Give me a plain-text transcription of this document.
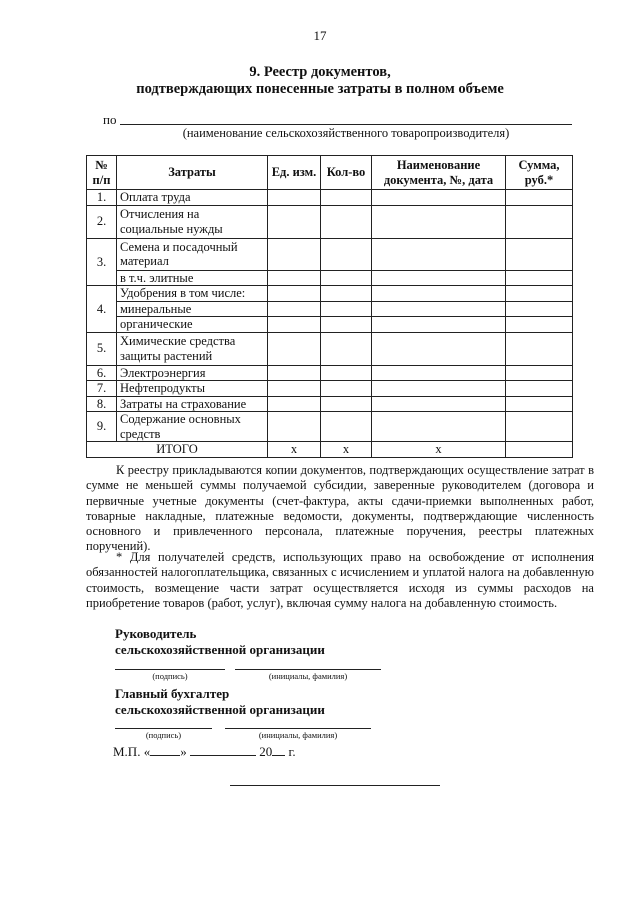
17
9. Реестр документов,
подтверждающих понесенные затраты в полном объеме
по
(наименование сельскохозяйственного товаропроизводителя)
№ п/п	Затраты	Ед. изм.	Кол-во	Наименование документа, №, дата	Сумма, руб.*
1.	Оплата труда				
2.	Отчисления на социальные нужды				
3.	Семена и посадочный материал				
	в т.ч. элитные				
4.	Удобрения в том числе:				
	минеральные				
	органические				
5.	Химические средства защиты растений				
6.	Электроэнергия				
7.	Нефтепродукты				
8.	Затраты на страхование				
9.	Содержание основных средств				
ИТОГО		x	x	x	
К реестру прикладываются копии документов, подтверждающих осуществление затрат в сумме не меньшей суммы получаемой субсидии, заверенные руководителем (договора и первичные учетные документы (счет-фактура, акты сдачи-приемки выполненных работ, товарные накладные, платежные ведомости, документы, подтверждающие численность основного и привлеченного персонала, платежные поручения, реестры платежных поручений).
* Для получателей средств, использующих право на освобождение от исполнения обязанностей налогоплательщика, связанных с исчислением и уплатой налога на добавленную стоимость, возмещение части затрат осуществляется исходя из суммы расходов на приобретение товаров (работ, услуг), включая сумму налога на добавленную стоимость.
Руководитель
сельскохозяйственной организации
(подпись)	(инициалы, фамилия)
Главный бухгалтер
сельскохозяйственной организации
(подпись)	(инициалы, фамилия)
М.П. « »	20 г.
